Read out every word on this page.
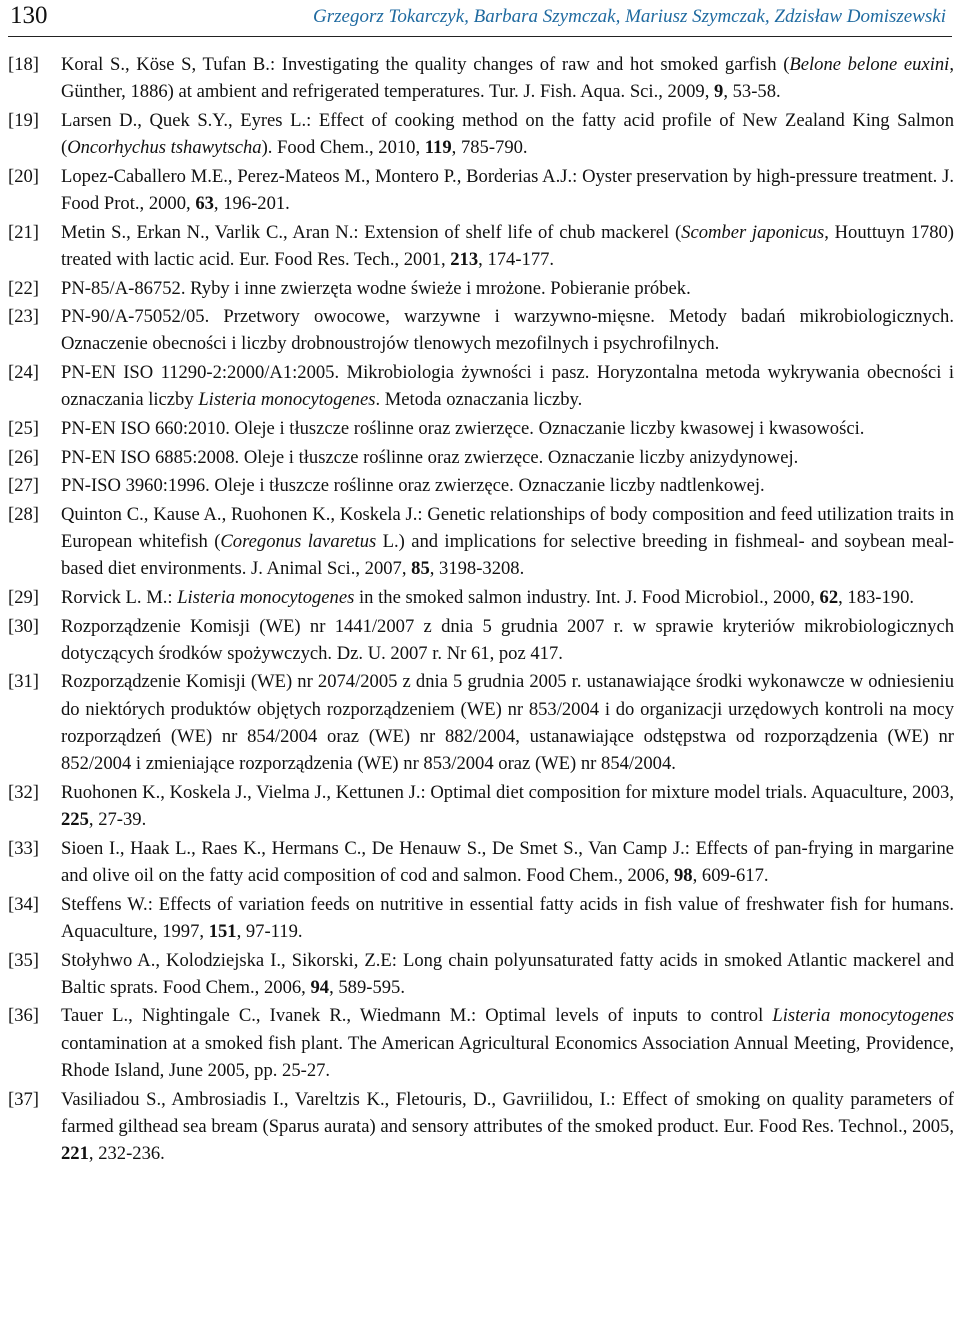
130	Grzegorz Tokarczyk, Barbara Szymczak, Mariusz Szymczak, Zdzisław Domiszewski
[18] Koral S., Köse S, Tufan B.: Investigating the quality changes of raw and hot smoked garfish (Belone belone euxini, Günther, 1886) at ambient and refrigerated temperatures. Tur. J. Fish. Aqua. Sci., 2009, 9, 53-58.
[19] Larsen D., Quek S.Y., Eyres L.: Effect of cooking method on the fatty acid profile of New Zealand King Salmon (Oncorhychus tshawytscha). Food Chem., 2010, 119, 785-790.
[20] Lopez-Caballero M.E., Perez-Mateos M., Montero P., Borderias A.J.: Oyster preservation by high-pressure treatment. J. Food Prot., 2000, 63, 196-201.
[21] Metin S., Erkan N., Varlik C., Aran N.: Extension of shelf life of chub mackerel (Scomber japonicus, Houttuyn 1780) treated with lactic acid. Eur. Food Res. Tech., 2001, 213, 174-177.
[22] PN-85/A-86752. Ryby i inne zwierzęta wodne świeże i mrożone. Pobieranie próbek.
[23] PN-90/A-75052/05. Przetwory owocowe, warzywne i warzywno-mięsne. Metody badań mikrobiologicznych. Oznaczenie obecności i liczby drobnoustrojów tlenowych mezofilnych i psychrofilnych.
[24] PN-EN ISO 11290-2:2000/A1:2005. Mikrobiologia żywności i pasz. Horyzontalna metoda wykrywania obecności i oznaczania liczby Listeria monocytogenes. Metoda oznaczania liczby.
[25] PN-EN ISO 660:2010. Oleje i tłuszcze roślinne oraz zwierzęce. Oznaczanie liczby kwasowej i kwasowości.
[26] PN-EN ISO 6885:2008. Oleje i tłuszcze roślinne oraz zwierzęce. Oznaczanie liczby anizydynowej.
[27] PN-ISO 3960:1996. Oleje i tłuszcze roślinne oraz zwierzęce. Oznaczanie liczby nadtlenkowej.
[28] Quinton C., Kause A., Ruohonen K., Koskela J.: Genetic relationships of body composition and feed utilization traits in European whitefish (Coregonus lavaretus L.) and implications for selective breeding in fishmeal- and soybean meal-based diet environments. J. Animal Sci., 2007, 85, 3198-3208.
[29] Rorvick L. M.: Listeria monocytogenes in the smoked salmon industry. Int. J. Food Microbiol., 2000, 62, 183-190.
[30] Rozporządzenie Komisji (WE) nr 1441/2007 z dnia 5 grudnia 2007 r. w sprawie kryteriów mikrobiologicznych dotyczących środków spożywczych. Dz. U. 2007 r. Nr 61, poz 417.
[31] Rozporządzenie Komisji (WE) nr 2074/2005 z dnia 5 grudnia 2005 r. ustanawiające środki wykonawcze w odniesieniu do niektórych produktów objętych rozporządzeniem (WE) nr 853/2004 i do organizacji urzędowych kontroli na mocy rozporządzeń (WE) nr 854/2004 oraz (WE) nr 882/2004, ustanawiające odstępstwa od rozporządzenia (WE) nr 852/2004 i zmieniające rozporządzenia (WE) nr 853/2004 oraz (WE) nr 854/2004.
[32] Ruohonen K., Koskela J., Vielma J., Kettunen J.: Optimal diet composition for mixture model trials. Aquaculture, 2003, 225, 27-39.
[33] Sioen I., Haak L., Raes K., Hermans C., De Henauw S., De Smet S., Van Camp J.: Effects of pan-frying in margarine and olive oil on the fatty acid composition of cod and salmon. Food Chem., 2006, 98, 609-617.
[34] Steffens W.: Effects of variation feeds on nutritive in essential fatty acids in fish value of freshwater fish for humans. Aquaculture, 1997, 151, 97-119.
[35] Stołyhwo A., Kolodziejska I., Sikorski, Z.E: Long chain polyunsaturated fatty acids in smoked Atlantic mackerel and Baltic sprats. Food Chem., 2006, 94, 589-595.
[36] Tauer L., Nightingale C., Ivanek R., Wiedmann M.: Optimal levels of inputs to control Listeria monocytogenes contamination at a smoked fish plant. The American Agricultural Economics Association Annual Meeting, Providence, Rhode Island, June 2005, pp. 25-27.
[37] Vasiliadou S., Ambrosiadis I., Vareltzis K., Fletouris, D., Gavriilidou, I.: Effect of smoking on quality parameters of farmed gilthead sea bream (Sparus aurata) and sensory attributes of the smoked product. Eur. Food Res. Technol., 2005, 221, 232-236.
